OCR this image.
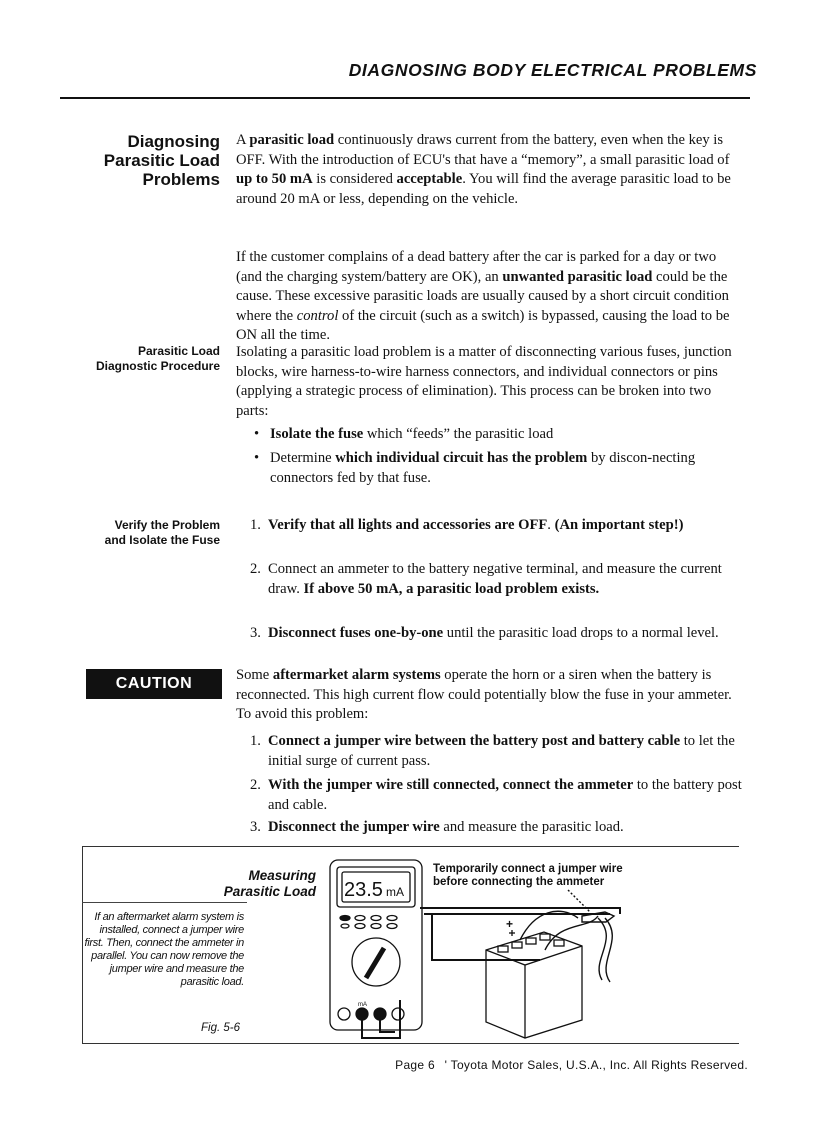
DIAGNOSING BODY ELECTRICAL PROBLEMS
Diagnosing
Parasitic Load
Problems
A parasitic load continuously draws current from the battery, even when the key is OFF. With the introduction of ECU's that have a “memory”, a small parasitic load of up to 50 mA is considered acceptable. You will find the average parasitic load to be around 20 mA or less, depending on the vehicle.
If the customer complains of a dead battery after the car is parked for a day or two (and the charging system/battery are OK), an unwanted parasitic load could be the cause. These excessive parasitic loads are usually caused by a short circuit condition where the control of the circuit (such as a switch) is bypassed, causing the load to be ON all the time.
Parasitic Load
Diagnostic Procedure
Isolating a parasitic load problem is a matter of disconnecting various fuses, junction blocks, wire harness-to-wire harness connectors, and individual connectors or pins (applying a strategic process of elimination). This process can be broken into two parts:
• Isolate the fuse which “feeds” the parasitic load
• Determine which individual circuit has the problem by discon-necting connectors fed by that fuse.
Verify the Problem
and Isolate the Fuse
1. Verify that all lights and accessories are OFF. (An important step!)
2. Connect an ammeter to the battery negative terminal, and measure the current draw. If above 50 mA, a parasitic load problem exists.
3. Disconnect fuses one-by-one until the parasitic load drops to a normal level.
CAUTION	Some aftermarket alarm systems operate the horn or a siren when the battery is reconnected. This high current flow could potentially blow the fuse in your ammeter. To avoid this problem:
1. Connect a jumper wire between the battery post and battery cable to let the initial surge of current pass.
2. With the jumper wire still connected, connect the ammeter to the battery post and cable.
3. Disconnect the jumper wire and measure the parasitic load.
Measuring
Parasitic Load
If an aftermarket alarm system is installed, connect a jumper wire first. Then, connect the ammeter in parallel. You can now remove the jumper wire and measure the parasitic load.
Fig. 5-6
Temporarily connect a jumper wire
before connecting the ammeter
23.5 mA
mA
+
Page 6 ' Toyota Motor Sales, U.S.A., Inc. All Rights Reserved.
